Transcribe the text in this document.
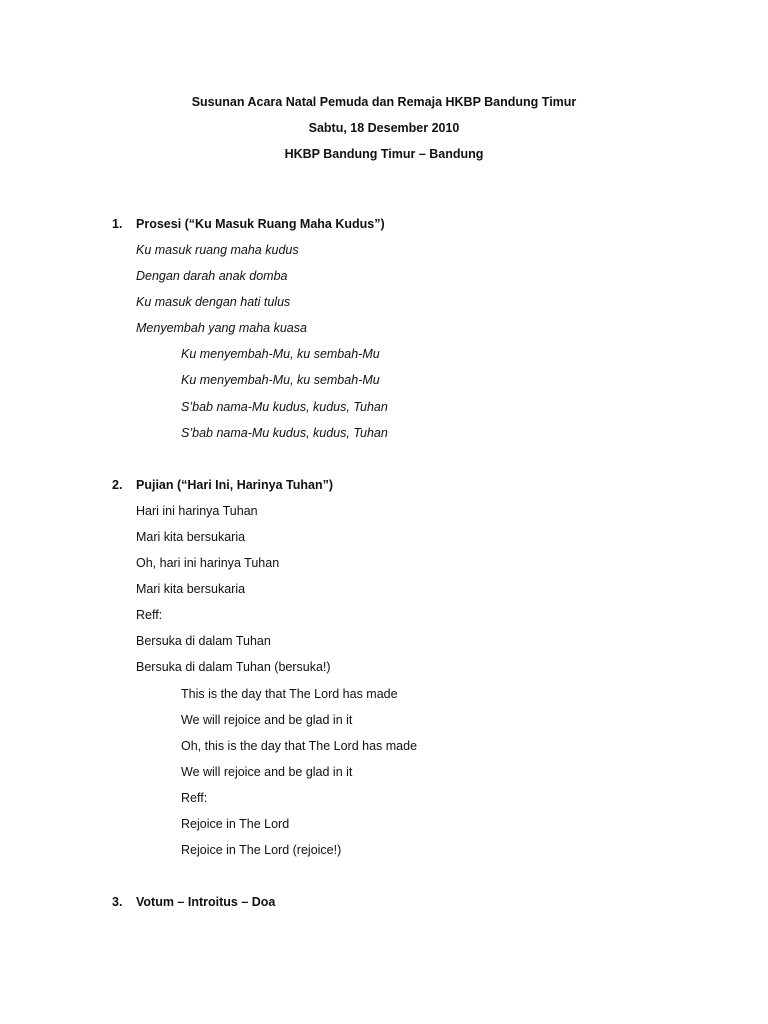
Susunan Acara Natal Pemuda dan Remaja HKBP Bandung Timur
Sabtu, 18 Desember 2010
HKBP Bandung Timur – Bandung
1. Prosesi (“Ku Masuk Ruang Maha Kudus”)
Ku masuk ruang maha kudus
Dengan darah anak domba
Ku masuk dengan hati tulus
Menyembah yang maha kuasa
Ku menyembah-Mu, ku sembah-Mu
Ku menyembah-Mu, ku sembah-Mu
S’bab nama-Mu kudus, kudus, Tuhan
S’bab nama-Mu kudus, kudus, Tuhan
2. Pujian (“Hari Ini, Harinya Tuhan”)
Hari ini harinya Tuhan
Mari kita bersukaria
Oh, hari ini harinya Tuhan
Mari kita bersukaria
Reff:
Bersuka di dalam Tuhan
Bersuka di dalam Tuhan (bersuka!)
This is the day that The Lord has made
We will rejoice and be glad in it
Oh, this is the day that The Lord has made
We will rejoice and be glad in it
Reff:
Rejoice in The Lord
Rejoice in The Lord (rejoice!)
3. Votum – Introitus – Doa
